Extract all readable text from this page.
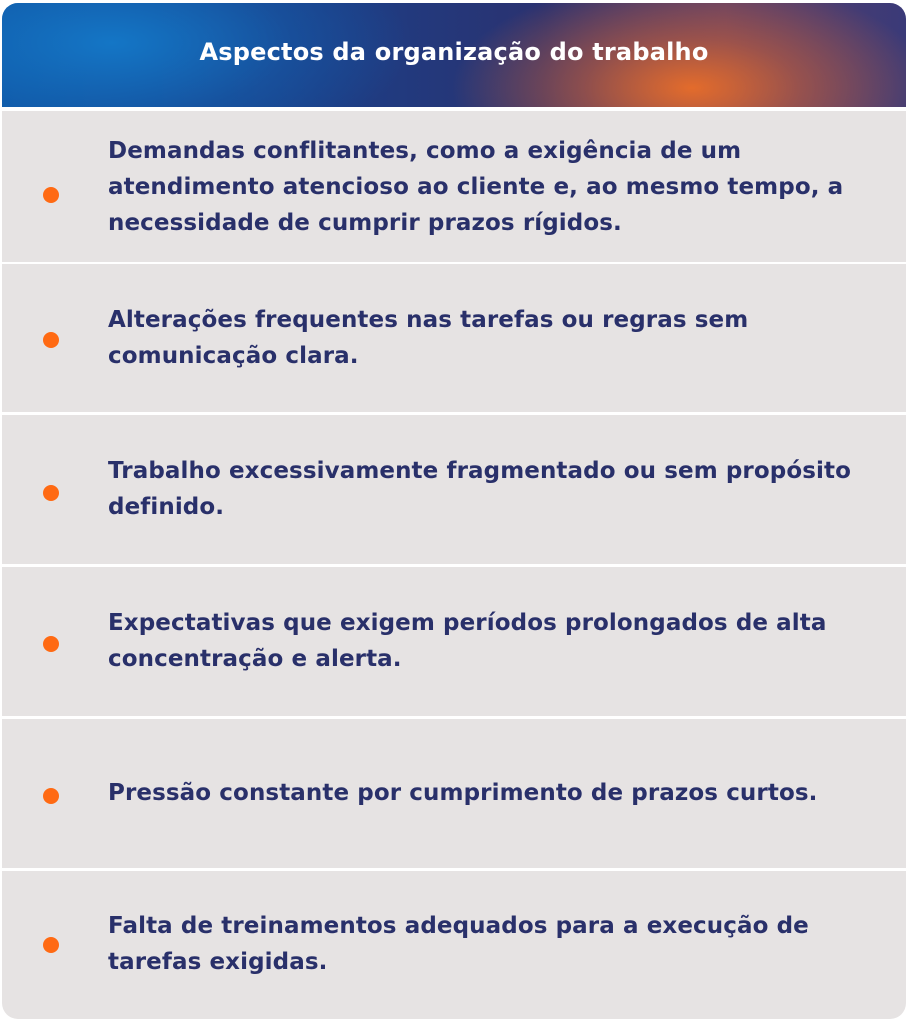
Aspectos da organização do trabalho
Demandas conflitantes, como a exigência de um atendimento atencioso ao cliente e, ao mesmo tempo, a necessidade de cumprir prazos rígidos.
Alterações frequentes nas tarefas ou regras sem comunicação clara.
Trabalho excessivamente fragmentado ou sem propósito definido.
Expectativas que exigem períodos prolongados de alta concentração e alerta.
Pressão constante por cumprimento de prazos curtos.
Falta de treinamentos adequados para a execução de tarefas exigidas.
